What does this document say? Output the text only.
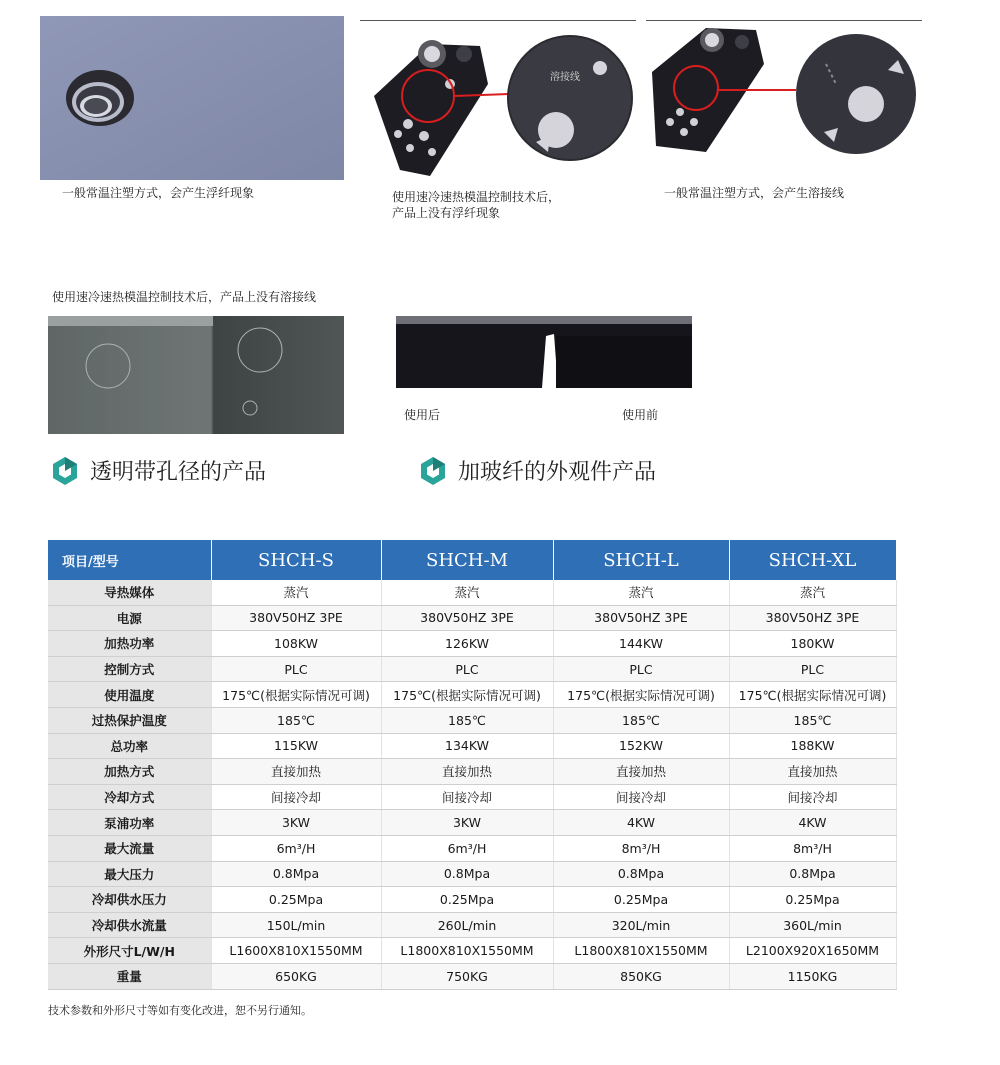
一般常温注塑方式，会产生浮纤现象
溶接线
使用速冷速热模温控制技术后，
产品上没有浮纤现象
一般常温注塑方式，会产生溶接线
使用速冷速热模温控制技术后，产品上没有溶接线
使用后	使用前
透明带孔径的产品	加玻纤的外观件产品
项目/型号	SHCH-S	SHCH-M	SHCH-L	SHCH-XL
导热媒体	蒸汽	蒸汽	蒸汽	蒸汽
电源	380V50HZ 3PE	380V50HZ 3PE	380V50HZ 3PE	380V50HZ 3PE
加热功率	108KW	126KW	144KW	180KW
控制方式	PLC	PLC	PLC	PLC
使用温度	175℃(根据实际情况可调)	175℃(根据实际情况可调)	175℃(根据实际情况可调)	175℃(根据实际情况可调)
过热保护温度	185℃	185℃	185℃	185℃
总功率	115KW	134KW	152KW	188KW
加热方式	直接加热	直接加热	直接加热	直接加热
冷却方式	间接冷却	间接冷却	间接冷却	间接冷却
泵浦功率	3KW	3KW	4KW	4KW
最大流量	6m³/H	6m³/H	8m³/H	8m³/H
最大压力	0.8Mpa	0.8Mpa	0.8Mpa	0.8Mpa
冷却供水压力	0.25Mpa	0.25Mpa	0.25Mpa	0.25Mpa
冷却供水流量	150L/min	260L/min	320L/min	360L/min
外形尺寸L/W/H	L1600X810X1550MM	L1800X810X1550MM	L1800X810X1550MM	L2100X920X1650MM
重量	650KG	750KG	850KG	1150KG
技术参数和外形尺寸等如有变化改进，恕不另行通知。
